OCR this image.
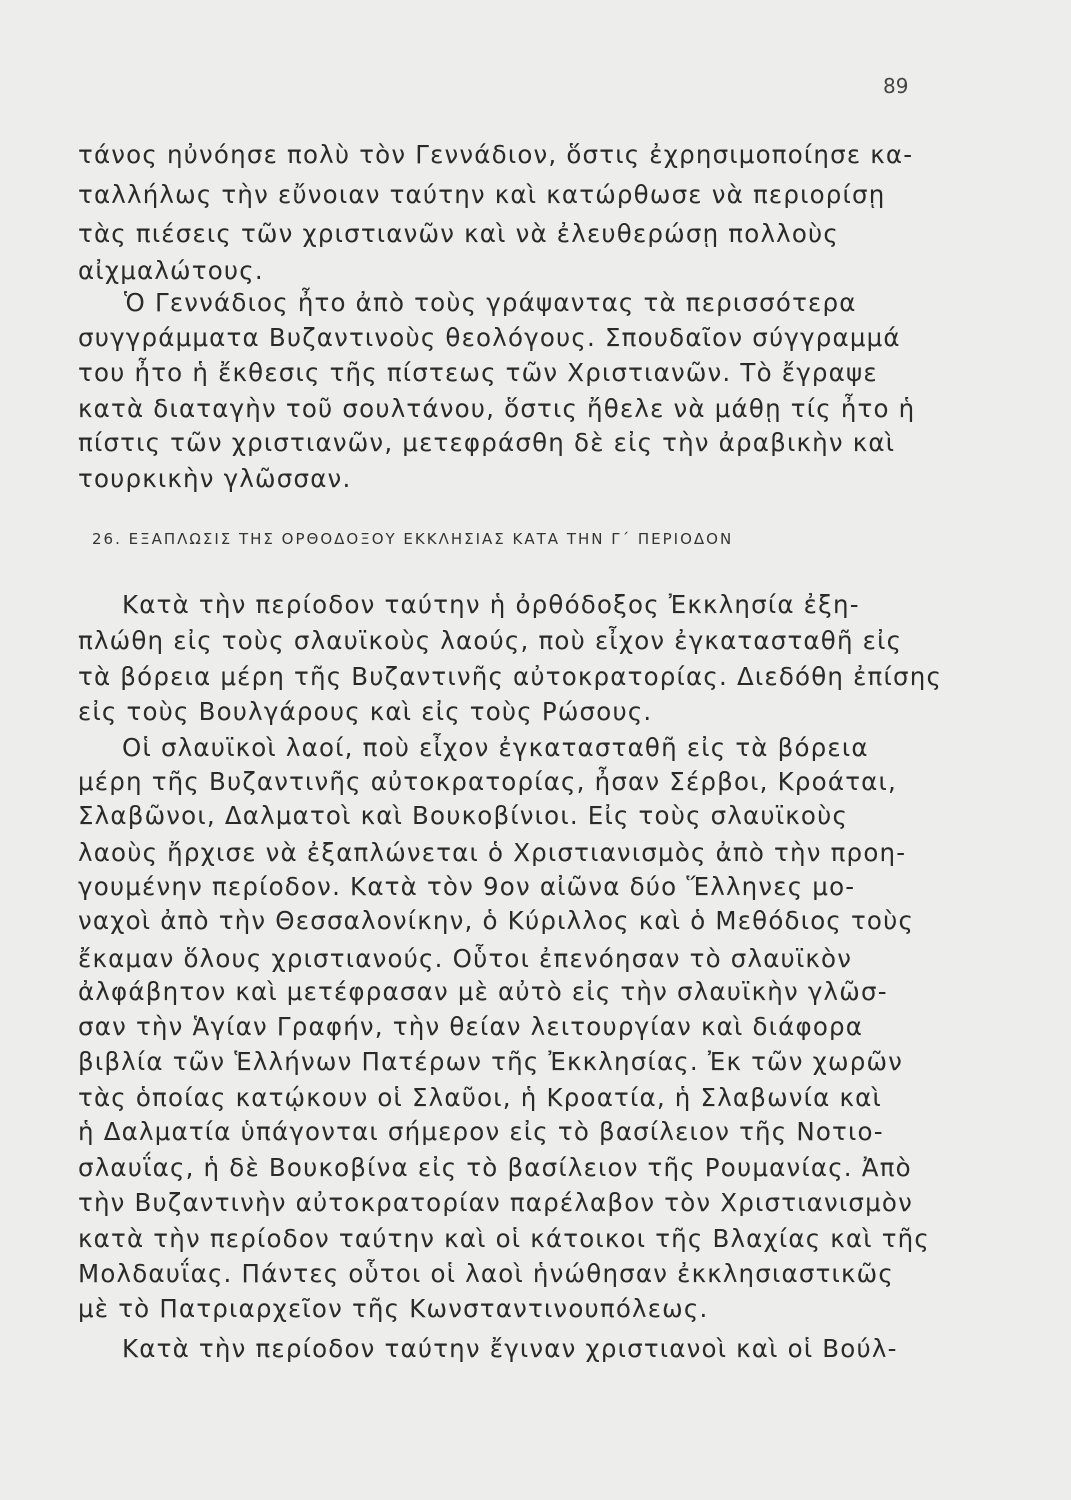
89
τάνος ηὐνόησε πολὺ τὸν Γεννάδιον, ὅστις ἐχρησιμοποίησε κα-
ταλλήλως τὴν εὔνοιαν ταύτην καὶ κατώρθωσε νὰ περιορίσῃ
τὰς πιέσεις τῶν χριστιανῶν καὶ νὰ ἐλευθερώσῃ πολλοὺς
αἰχμαλώτους.
Ὁ Γεννάδιος ἦτο ἀπὸ τοὺς γράψαντας τὰ περισσότερα
συγγράμματα Βυζαντινοὺς θεολόγους. Σπουδαῖον σύγγραμμά
του ἦτο ἡ ἔκθεσις τῆς πίστεως τῶν Χριστιανῶν. Τὸ ἔγραψε
κατὰ διαταγὴν τοῦ σουλτάνου, ὅστις ἤθελε νὰ μάθῃ τίς ἦτο ἡ
πίστις τῶν χριστιανῶν, μετεφράσθη δὲ εἰς τὴν ἀραβικὴν καὶ
τουρκικὴν γλῶσσαν.
26. ΕΞΑΠΛΩΣΙΣ ΤΗΣ ΟΡΘΟΔΟΞΟΥ ΕΚΚΛΗΣΙΑΣ ΚΑΤΑ ΤΗΝ Γ΄ ΠΕΡΙΟΔΟΝ
Κατὰ τὴν περίοδον ταύτην ἡ ὀρθόδοξος Ἐκκλησία ἐξη-
πλώθη εἰς τοὺς σλαυϊκοὺς λαούς, ποὺ εἶχον ἐγκατασταθῆ εἰς
τὰ βόρεια μέρη τῆς Βυζαντινῆς αὐτοκρατορίας. Διεδόθη ἐπίσης
εἰς τοὺς Βουλγάρους καὶ εἰς τοὺς Ρώσους.
Οἱ σλαυϊκοὶ λαοί, ποὺ εἶχον ἐγκατασταθῆ εἰς τὰ βόρεια
μέρη τῆς Βυζαντινῆς αὐτοκρατορίας, ἦσαν Σέρβοι, Κροάται,
Σλαβῶνοι, Δαλματοὶ καὶ Βουκοβίνιοι. Εἰς τοὺς σλαυϊκοὺς
λαοὺς ἤρχισε νὰ ἐξαπλώνεται ὁ Χριστιανισμὸς ἀπὸ τὴν προη-
γουμένην περίοδον. Κατὰ τὸν 9ον αἰῶνα δύο Ἕλληνες μο-
ναχοὶ ἀπὸ τὴν Θεσσαλονίκην, ὁ Κύριλλος καὶ ὁ Μεθόδιος τοὺς
ἔκαμαν ὅλους χριστιανούς. Οὗτοι ἐπενόησαν τὸ σλαυϊκὸν
ἀλφάβητον καὶ μετέφρασαν μὲ αὐτὸ εἰς τὴν σλαυϊκὴν γλῶσ-
σαν τὴν Ἁγίαν Γραφήν, τὴν θείαν λειτουργίαν καὶ διάφορα
βιβλία τῶν Ἑλλήνων Πατέρων τῆς Ἐκκλησίας. Ἐκ τῶν χωρῶν
τὰς ὁποίας κατῴκουν οἱ Σλαῦοι, ἡ Κροατία, ἡ Σλαβωνία καὶ
ἡ Δαλματία ὑπάγονται σήμερον εἰς τὸ βασίλειον τῆς Νοτιο-
σλαυΐας, ἡ δὲ Βουκοβίνα εἰς τὸ βασίλειον τῆς Ρουμανίας. Ἀπὸ
τὴν Βυζαντινὴν αὐτοκρατορίαν παρέλαβον τὸν Χριστιανισμὸν
κατὰ τὴν περίοδον ταύτην καὶ οἱ κάτοικοι τῆς Βλαχίας καὶ τῆς
Μολδαυΐας. Πάντες οὗτοι οἱ λαοὶ ἡνώθησαν ἐκκλησιαστικῶς
μὲ τὸ Πατριαρχεῖον τῆς Κωνσταντινουπόλεως.
Κατὰ τὴν περίοδον ταύτην ἔγιναν χριστιανοὶ καὶ οἱ Βούλ-
